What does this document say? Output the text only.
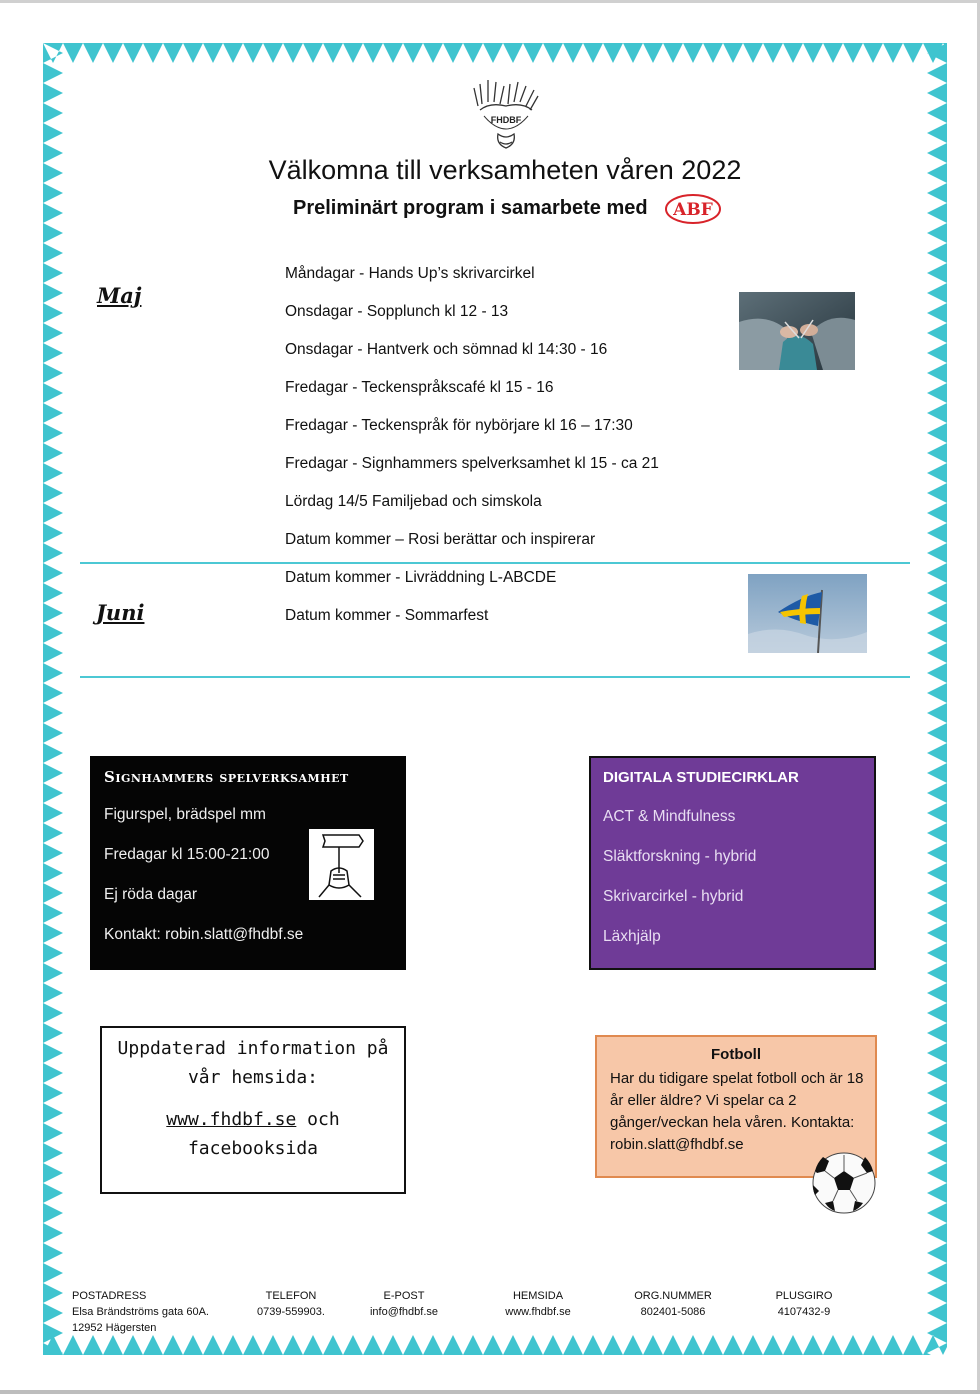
FHDBF
Välkomna till verksamheten våren 2022
Preliminärt program i samarbete med ABF
Maj
Juni
Måndagar - Hands Up’s skrivarcirkel
Onsdagar - Sopplunch kl 12 - 13
Onsdagar - Hantverk och sömnad kl 14:30 - 16
Fredagar - Teckenspråkscafé kl 15 - 16
Fredagar - Teckenspråk för nybörjare kl 16 – 17:30
Fredagar - Signhammers spelverksamhet kl 15 - ca 21
Lördag 14/5 Familjebad och simskola
Datum kommer – Rosi berättar och inspirerar
Datum kommer - Livräddning L-ABCDE
Datum kommer - Sommarfest
Signhammers spelverksamhet
Figurspel, brädspel mm
Fredagar kl 15:00-21:00
Ej röda dagar
Kontakt: robin.slatt@fhdbf.se
DIGITALA STUDIECIRKLAR
ACT & Mindfulness
Släktforskning - hybrid
Skrivarcirkel - hybrid
Läxhjälp
Uppdaterad information på
vår hemsida:
www.fhdbf.se och
facebooksida
Fotboll
Har du tidigare spelat fotboll och är 18 år eller äldre? Vi spelar ca 2 gånger/veckan hela våren. Kontakta: robin.slatt@fhdbf.se
POSTADRESS
Elsa Brändströms gata 60A.
12952 Hägersten
TELEFON
0739-559903.
E-POST
info@fhdbf.se
HEMSIDA
www.fhdbf.se
ORG.NUMMER
802401-5086
PLUSGIRO
4107432-9
